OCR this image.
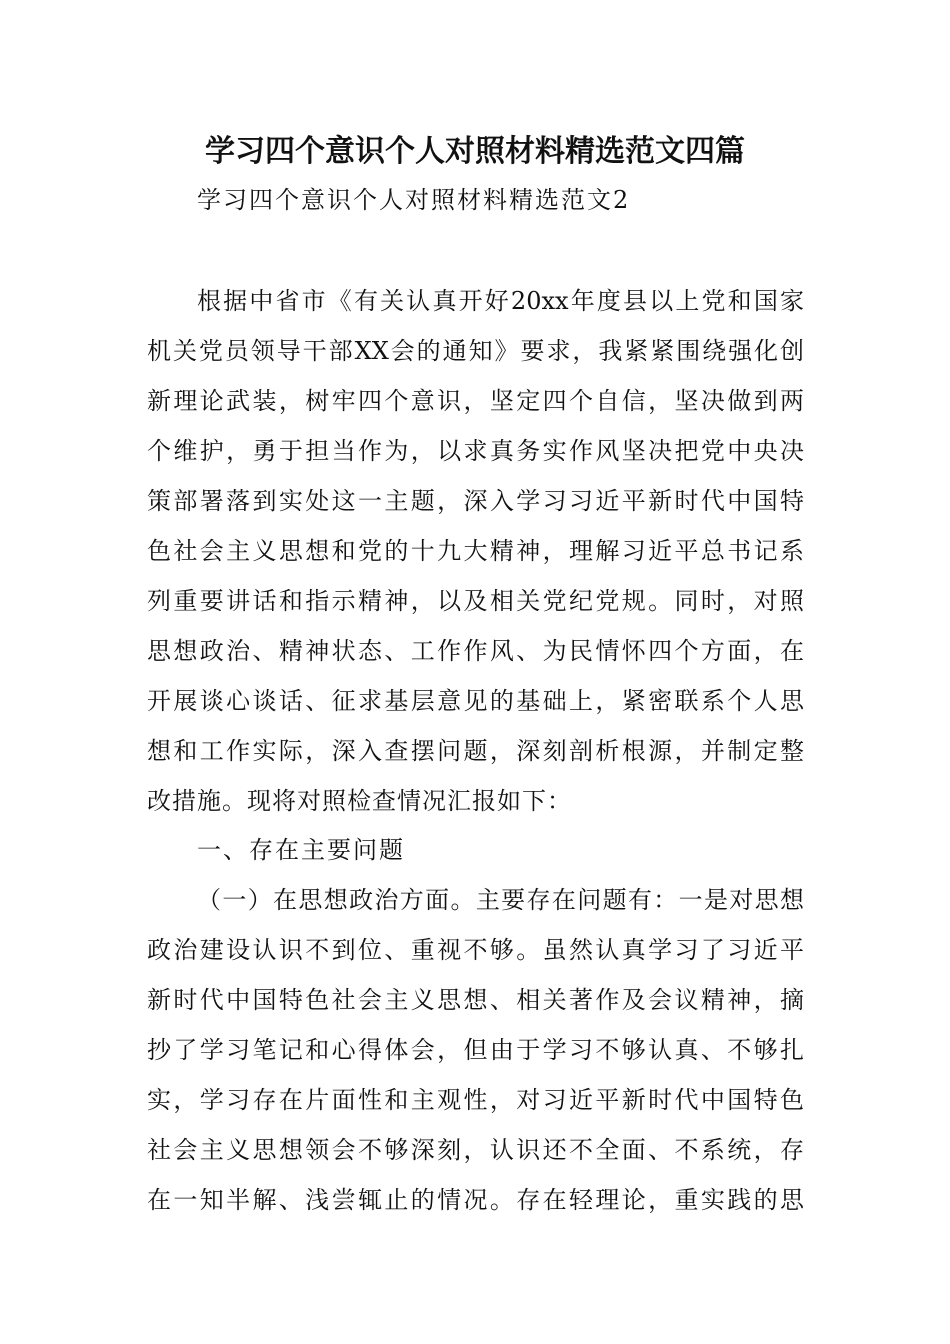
学习四个意识个人对照材料精选范文四篇

学习四个意识个人对照材料精选范文2

根据中省市《有关认真开好20xx年度县以上党和国家

机关党员领导干部XX会的通知》要求，我紧紧围绕强化创

新理论武装，树牢四个意识，坚定四个自信，坚决做到两

个维护，勇于担当作为，以求真务实作风坚决把党中央决

策部署落到实处这一主题，深入学习习近平新时代中国特

色社会主义思想和党的十九大精神，理解习近平总书记系

列重要讲话和指示精神，以及相关党纪党规。同时，对照

思想政治、精神状态、工作作风、为民情怀四个方面，在

开展谈心谈话、征求基层意见的基础上，紧密联系个人思

想和工作实际，深入查摆问题，深刻剖析根源，并制定整

改措施。现将对照检查情况汇报如下：

一、存在主要问题

（一）在思想政治方面。主要存在问题有：一是对思想

政治建设认识不到位、重视不够。虽然认真学习了习近平

新时代中国特色社会主义思想、相关著作及会议精神，摘

抄了学习笔记和心得体会，但由于学习不够认真、不够扎

实，学习存在片面性和主观性，对习近平新时代中国特色

社会主义思想领会不够深刻，认识还不全面、不系统，存

在一知半解、浅尝辄止的情况。存在轻理论，重实践的思
